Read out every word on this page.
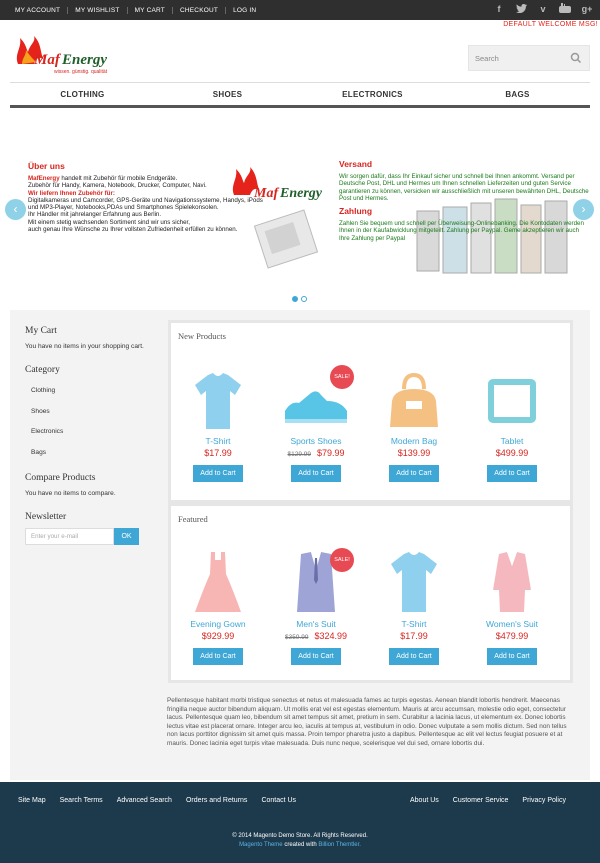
MY ACCOUNT	MY WISHLIST	MY CART	CHECKOUT	LOG IN	f	v	g+
DEFAULT WELCOME MSG!
Maf Energy
wissen. günstig. qualität
Search
CLOTHING	SHOES	ELECTRONICS	BAGS
Über uns
MafEnergy handelt mit Zubehör für mobile Endgeräte.
Zubehör für Handy, Kamera, Notebook, Drucker, Computer, Navi.
Wir liefern Ihnen Zubehör für:
Digitalkameras und Camcorder, GPS-Geräte und Navigationssysteme, Handys, iPods und MP3-Player, Notebooks,PDAs und Smartphones Spielekonsolen.
Ihr Händler mit jahrelanger Erfahrung aus Berlin.
Mit einem stetig wachsenden Sortiment sind wir uns sicher,
auch genau Ihre Wünsche zu Ihrer vollsten Zufriedenheit erfüllen zu können.
Maf Energy
Versand
Wir sorgen dafür, dass Ihr Einkauf sicher und schnell bei Ihnen ankommt. Versand per Deutsche Post, DHL und Hermes um Ihnen schnellen Lieferzeiten und guten Service garantieren zu können, versicken wir ausschließlich mit unseren bewährten DHL, Deutsche Post und Hermes.
Zahlung
Zahlen Sie bequem und schnell per Überweisung-Onlinebanking. Die Kontodaten werden Ihnen in der Kaufabwicklung mitgeteilt. Zahlung per Paypal. Geme akzeptieren wir auch Ihre Zahlung per Paypal
‹	›
My Cart
You have no items in your shopping cart.
Category
Clothing
Shoes
Electronics
Bags
Compare Products
You have no items to compare.
Newsletter
Enter your e-mail	OK
New Products
T-Shirt
$17.99
Add to Cart
Sports Shoes
$129.99 $79.99
Add to Cart
SALE!
Modern Bag
$139.99
Add to Cart
Tablet
$499.99
Add to Cart
Featured
Evening Gown
$929.99
Add to Cart
Men's Suit
$359.99 $324.99
Add to Cart
SALE!
T-Shirt
$17.99
Add to Cart
Women's Suit
$479.99
Add to Cart
Pellentesque habitant morbi tristique senectus et netus et malesuada fames ac turpis egestas. Aenean blandit lobortis hendrerit. Maecenas fringilla neque auctor bibendum aliquam. Ut mollis erat vel est egestas elementum. Mauris at arcu accumsan, molestie odio eget, consectetur lacus. Pellentesque quam leo, bibendum sit amet tempus sit amet, pretium in sem. Curabitur a lacinia lacus, ut elementum ex. Donec lobortis lectus vitae est placerat ornare. Integer arcu leo, iaculis at tempus at, vestibulum in odio. Donec vulputate a sem mollis dictum. Sed non tellus non lacus porttitor dignissim sit amet quis massa. Proin tempor pharetra justo a dapibus. Pellentesque ac elit vel lectus feugiat posuere et at mauris. Donec lacinia eget turpis vitae malesuada. Duis nunc neque, scelerisque vel dui sed, ornare lobortis dui.
Site Map Search Terms Advanced Search Orders and Returns Contact Us	About Us Customer Service Privacy Policy
© 2014 Magento Demo Store. All Rights Reserved.
Magento Theme created with Billion Themtler.
